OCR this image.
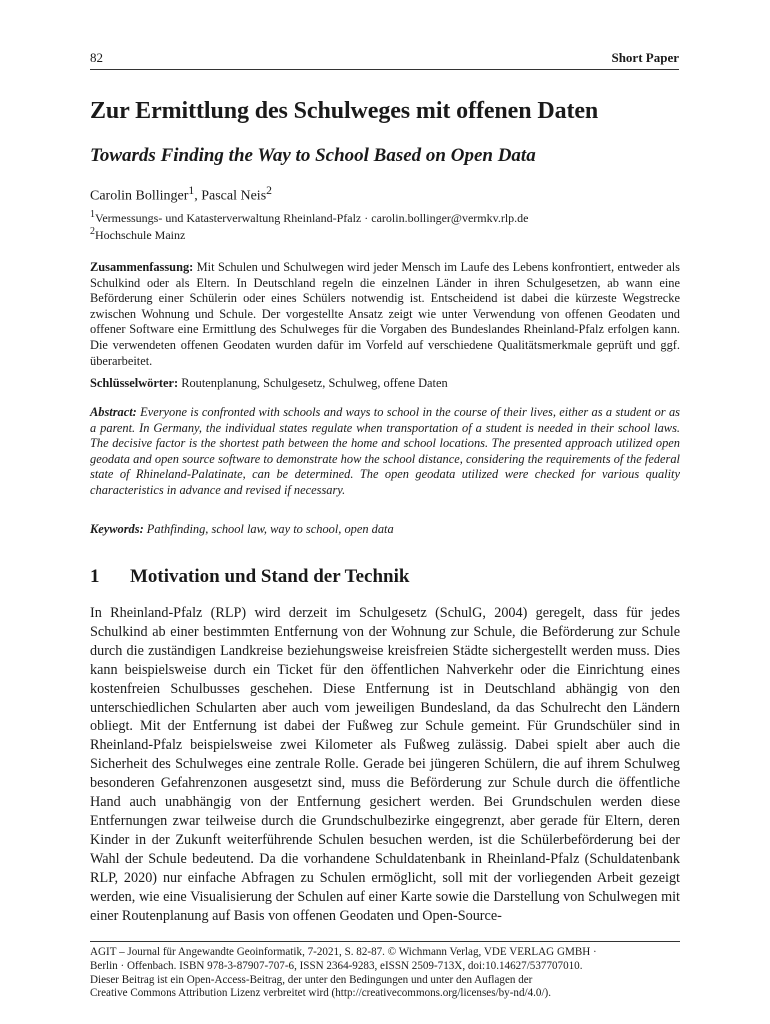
82	Short Paper
Zur Ermittlung des Schulweges mit offenen Daten
Towards Finding the Way to School Based on Open Data
Carolin Bollinger$^1$, Pascal Neis$^2$
$^1$Vermessungs- und Katasterverwaltung Rheinland-Pfalz · carolin.bollinger@vermkv.rlp.de
$^2$Hochschule Mainz
Zusammenfassung: Mit Schulen und Schulwegen wird jeder Mensch im Laufe des Lebens konfrontiert, entweder als Schulkind oder als Eltern. In Deutschland regeln die einzelnen Länder in ihren Schulgesetzen, ab wann eine Beförderung einer Schülerin oder eines Schülers notwendig ist. Entscheidend ist dabei die kürzeste Wegstrecke zwischen Wohnung und Schule. Der vorgestellte Ansatz zeigt wie unter Verwendung von offenen Geodaten und offener Software eine Ermittlung des Schulweges für die Vorgaben des Bundeslandes Rheinland-Pfalz erfolgen kann. Die verwendeten offenen Geodaten wurden dafür im Vorfeld auf verschiedene Qualitätsmerkmale geprüft und ggf. überarbeitet.
Schlüsselwörter: Routenplanung, Schulgesetz, Schulweg, offene Daten
Abstract: Everyone is confronted with schools and ways to school in the course of their lives, either as a student or as a parent. In Germany, the individual states regulate when transportation of a student is needed in their school laws. The decisive factor is the shortest path between the home and school locations. The presented approach utilized open geodata and open source software to demonstrate how the school distance, considering the requirements of the federal state of Rhineland-Palatinate, can be determined. The open geodata utilized were checked for various quality characteristics in advance and revised if necessary.
Keywords: Pathfinding, school law, way to school, open data
1	Motivation und Stand der Technik
In Rheinland-Pfalz (RLP) wird derzeit im Schulgesetz (SchulG, 2004) geregelt, dass für jedes Schulkind ab einer bestimmten Entfernung von der Wohnung zur Schule, die Beförderung zur Schule durch die zuständigen Landkreise beziehungsweise kreisfreien Städte sichergestellt werden muss. Dies kann beispielsweise durch ein Ticket für den öffentlichen Nahverkehr oder die Einrichtung eines kostenfreien Schulbusses geschehen. Diese Entfernung ist in Deutschland abhängig von den unterschiedlichen Schularten aber auch vom jeweiligen Bundesland, da das Schulrecht den Ländern obliegt. Mit der Entfernung ist dabei der Fußweg zur Schule gemeint. Für Grundschüler sind in Rheinland-Pfalz beispielsweise zwei Kilometer als Fußweg zulässig. Dabei spielt aber auch die Sicherheit des Schulweges eine zentrale Rolle. Gerade bei jüngeren Schülern, die auf ihrem Schulweg besonderen Gefahrenzonen ausgesetzt sind, muss die Beförderung zur Schule durch die öffentliche Hand auch unabhängig von der Entfernung gesichert werden. Bei Grundschulen werden diese Entfernungen zwar teilweise durch die Grundschulbezirke eingegrenzt, aber gerade für Eltern, deren Kinder in der Zukunft weiterführende Schulen besuchen werden, ist die Schülerbeförderung bei der Wahl der Schule bedeutend. Da die vorhandene Schuldatenbank in Rheinland-Pfalz (Schuldatenbank RLP, 2020) nur einfache Abfragen zu Schulen ermöglicht, soll mit der vorliegenden Arbeit gezeigt werden, wie eine Visualisierung der Schulen auf einer Karte sowie die Darstellung von Schulwegen mit einer Routenplanung auf Basis von offenen Geodaten und Open-Source-
AGIT – Journal für Angewandte Geoinformatik, 7-2021, S. 82-87. © Wichmann Verlag, VDE VERLAG GMBH ·
Berlin · Offenbach. ISBN 978-3-87907-707-6, ISSN 2364-9283, eISSN 2509-713X, doi:10.14627/537707010.
Dieser Beitrag ist ein Open-Access-Beitrag, der unter den Bedingungen und unter den Auflagen der
Creative Commons Attribution Lizenz verbreitet wird (http://creativecommons.org/licenses/by-nd/4.0/).
